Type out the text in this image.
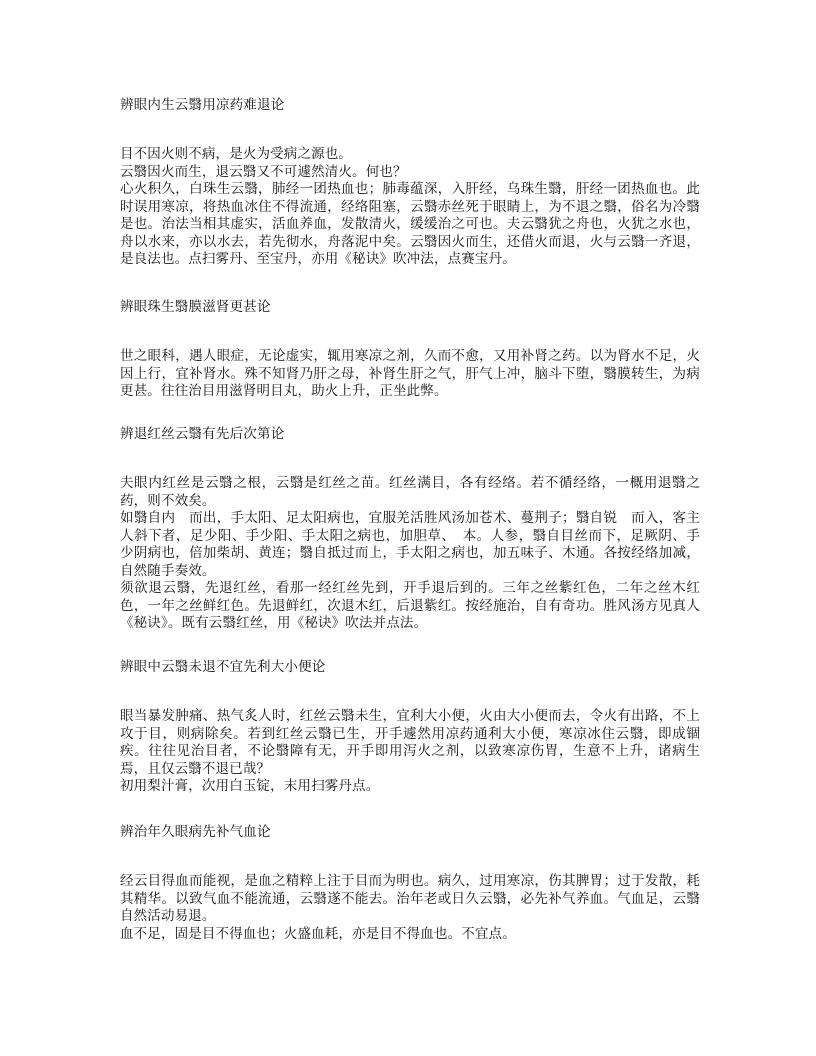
辨眼内生云翳用凉药难退论

目不因火则不病，是火为受病之源也。

云翳因火而生，退云翳又不可遽然清火。何也？

心火积久，白珠生云翳，肺经一团热血也；肺毒蕴深，入肝经，乌珠生翳，肝经一团热血也。此时误用寒凉，将热血冰住不得流通，经络阻塞，云翳赤丝死于眼睛上，为不退之翳，俗名为冷翳是也。治法当相其虚实，活血养血，发散清火，缓缓治之可也。夫云翳犹之舟也，火犹之水也，舟以水来，亦以水去，若先彻水，舟落泥中矣。云翳因火而生，还借火而退，火与云翳一齐退，是良法也。点扫雾丹、至宝丹，亦用《秘诀》吹冲法，点赛宝丹。

辨眼珠生翳膜滋肾更甚论

世之眼科，遇人眼症，无论虚实，辄用寒凉之剂，久而不愈，又用补肾之药。以为肾水不足，火因上行，宜补肾水。殊不知肾乃肝之母，补肾生肝之气，肝气上冲，脑斗下堕，翳膜转生，为病更甚。往往治目用滋肾明目丸，助火上升，正坐此弊。

辨退红丝云翳有先后次第论

夫眼内红丝是云翳之根，云翳是红丝之苗。红丝满目，各有经络。若不循经络，一概用退翳之药，则不效矣。

如翳自内　而出，手太阳、足太阳病也，宜服羌活胜风汤加苍术、蔓荆子；翳自锐　而入，客主人斜下者，足少阳、手少阳、手太阳之病也，加胆草、　本。人参，翳自目丝而下，足厥阴、手少阴病也，倍加柴胡、黄连；翳自抵过而上，手太阳之病也，加五味子、木通。各按经络加减，自然随手奏效。

须欲退云翳，先退红丝，看那一经红丝先到，开手退后到的。三年之丝紫红色，二年之丝木红色，一年之丝鲜红色。先退鲜红，次退木红，后退紫红。按经施治，自有奇功。胜风汤方见真人《秘诀》。既有云翳红丝，用《秘诀》吹法并点法。

辨眼中云翳未退不宜先利大小便论

眼当暴发肿痛、热气炙人时，红丝云翳未生，宜利大小便，火由大小便而去，令火有出路，不上攻于目，则病除矣。若到红丝云翳已生，开手遽然用凉药通利大小便，寒凉冰住云翳，即成锢疾。往往见治目者，不论翳障有无，开手即用泻火之剂，以致寒凉伤胃，生意不上升，诸病生焉，且仅云翳不退已哉？

初用梨汁膏，次用白玉锭，末用扫雾丹点。

辨治年久眼病先补气血论

经云目得血而能视，是血之精粹上注于目而为明也。病久，过用寒凉，伤其脾胃；过于发散，耗其精华。以致气血不能流通，云翳遂不能去。治年老或日久云翳，必先补气养血。气血足，云翳自然活动易退。

血不足，固是目不得血也；火盛血耗，亦是目不得血也。不宜点。
